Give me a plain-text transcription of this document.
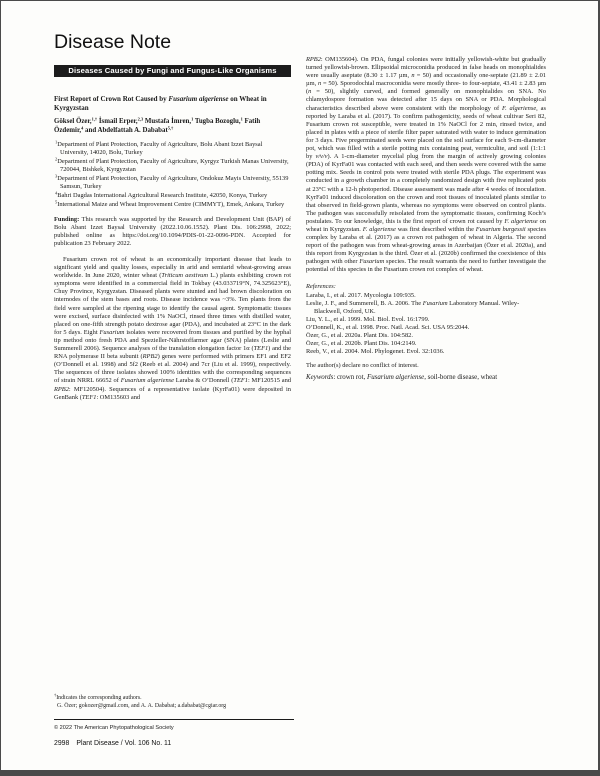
Disease Note
Diseases Caused by Fungi and Fungus-Like Organisms

First Report of Crown Rot Caused by Fusarium algeriense on Wheat in Kyrgyzstan

Göksel Özer,$^{1,\dagger}$ İsmail Erper,$^{2,3}$ Mustafa İmren,$^1$ Tugba Bozoglu,$^1$ Fatih Özdemir,$^4$ and Abdelfattah A. Dababat$^{5,\dagger}$

$^1$Department of Plant Protection, Faculty of Agriculture, Bolu Abant Izzet Baysal University, 14020, Bolu, Turkey

$^2$Department of Plant Protection, Faculty of Agriculture, Kyrgyz Turkish Manas University, 720044, Bishkek, Kyrgyzstan

$^3$Department of Plant Protection, Faculty of Agriculture, Ondokuz Mayis University, 55139 Samsun, Turkey

$^4$Bahri Dagdas International Agricultural Research Institute, 42050, Konya, Turkey

$^5$International Maize and Wheat Improvement Centre (CIMMYT), Emek, Ankara, Turkey

Funding: This research was supported by the Research and Development Unit (BAP) of Bolu Abant Izzet Baysal University (2022.10.06.1552). Plant Dis. 106:2998, 2022; published online as https://doi.org/10.1094/PDIS-01-22-0096-PDN. Accepted for publication 23 February 2022.

Fusarium crown rot of wheat is an economically important disease that leads to significant yield and quality losses, especially in arid and semiarid wheat-growing areas worldwide. In June 2020, winter wheat (Triticum aestivum L.) plants exhibiting crown rot symptoms were identified in a commercial field in Tokbay (43.033719°N, 74.325623°E), Chuy Province, Kyrgyzstan. Diseased plants were stunted and had brown discoloration on internodes of the stem bases and roots. Disease incidence was ~3%. Ten plants from the field were sampled at the ripening stage to identify the causal agent. Symptomatic tissues were excised, surface disinfected with 1% NaOCl, rinsed three times with distilled water, placed on one-fifth strength potato dextrose agar (PDA), and incubated at 23°C in the dark for 5 days. Eight Fusarium isolates were recovered from tissues and purified by the hyphal tip method onto fresh PDA and Spezieller-Nährstoffarmer agar (SNA) plates (Leslie and Summerell 2006). Sequence analyses of the translation elongation factor 1α (TEF1) and the RNA polymerase II beta subunit (RPB2) genes were performed with primers EF1 and EF2 (O’Donnell et al. 1998) and 5f2 (Reeb et al. 2004) and 7cr (Liu et al. 1999), respectively. The sequences of three isolates showed 100% identities with the corresponding sequences of strain NRRL 66652 of Fusarium algeriense Laraba & O’Donnell (TEF1: MF120515 and RPB2: MF120504). Sequences of a representative isolate (KyrFa01) were deposited in GenBank (TEF1: OM135603 and

RPB2: OM135604). On PDA, fungal colonies were initially yellowish-white but gradually turned yellowish-brown. Ellipsoidal microconidia produced in false heads on monophialides were usually aseptate (8.30 ± 1.17 µm, n = 50) and occasionally one-septate (21.89 ± 2.01 µm, n = 50). Sporodochial macroconidia were mostly three- to four-septate, 43.41 ± 2.83 µm (n = 50), slightly curved, and formed generally on monophialides on SNA. No chlamydospore formation was detected after 15 days on SNA or PDA. Morphological characteristics described above were consistent with the morphology of F. algeriense, as reported by Laraba et al. (2017). To confirm pathogenicity, seeds of wheat cultivar Seri 82, Fusarium crown rot susceptible, were treated in 1% NaOCl for 2 min, rinsed twice, and placed in plates with a piece of sterile filter paper saturated with water to induce germination for 3 days. Five pregerminated seeds were placed on the soil surface for each 9-cm-diameter pot, which was filled with a sterile potting mix containing peat, vermiculite, and soil (1:1:1 by v/v/v). A 1-cm-diameter mycelial plug from the margin of actively growing colonies (PDA) of KyrFa01 was contacted with each seed, and then seeds were covered with the same potting mix. Seeds in control pots were treated with sterile PDA plugs. The experiment was conducted in a growth chamber in a completely randomized design with five replicated pots at 23°C with a 12-h photoperiod. Disease assessment was made after 4 weeks of inoculation. KyrFa01 induced discoloration on the crown and root tissues of inoculated plants similar to that observed in field-grown plants, whereas no symptoms were observed on control plants. The pathogen was successfully reisolated from the symptomatic tissues, confirming Koch’s postulates. To our knowledge, this is the first report of crown rot caused by F. algeriense on wheat in Kyrgyzstan. F. algeriense was first described within the Fusarium burgessii species complex by Laraba et al. (2017) as a crown rot pathogen of wheat in Algeria. The second report of the pathogen was from wheat-growing areas in Azerbaijan (Özer et al. 2020a), and this report from Kyrgyzstan is the third. Özer et al. (2020b) confirmed the coexistence of this pathogen with other Fusarium species. The result warrants the need to further investigate the potential of this species in the Fusarium crown rot complex of wheat.

References:

Laraba, I., et al. 2017. Mycologia 109:935.

Leslie, J. F., and Summerell, B. A. 2006. The Fusarium Laboratory Manual. Wiley-Blackwell, Oxford, UK.

Liu, Y. L., et al. 1999. Mol. Biol. Evol. 16:1799.

O’Donnell, K., et al. 1998. Proc. Natl. Acad. Sci. USA 95:2044.

Özer, G., et al. 2020a. Plant Dis. 104:582.

Özer, G., et al. 2020b. Plant Dis. 104:2149.

Reeb, V., et al. 2004. Mol. Phylogenet. Evol. 32:1036.

The author(s) declare no conflict of interest.

Keywords: crown rot, Fusarium algeriense, soil-borne disease, wheat

†Indicates the corresponding authors.
G. Özer; gokozer@gmail.com, and A. A. Dababat; a.dababat@cgiar.org
© 2022 The American Phytopathological Society
2998 Plant Disease / Vol. 106 No. 11
